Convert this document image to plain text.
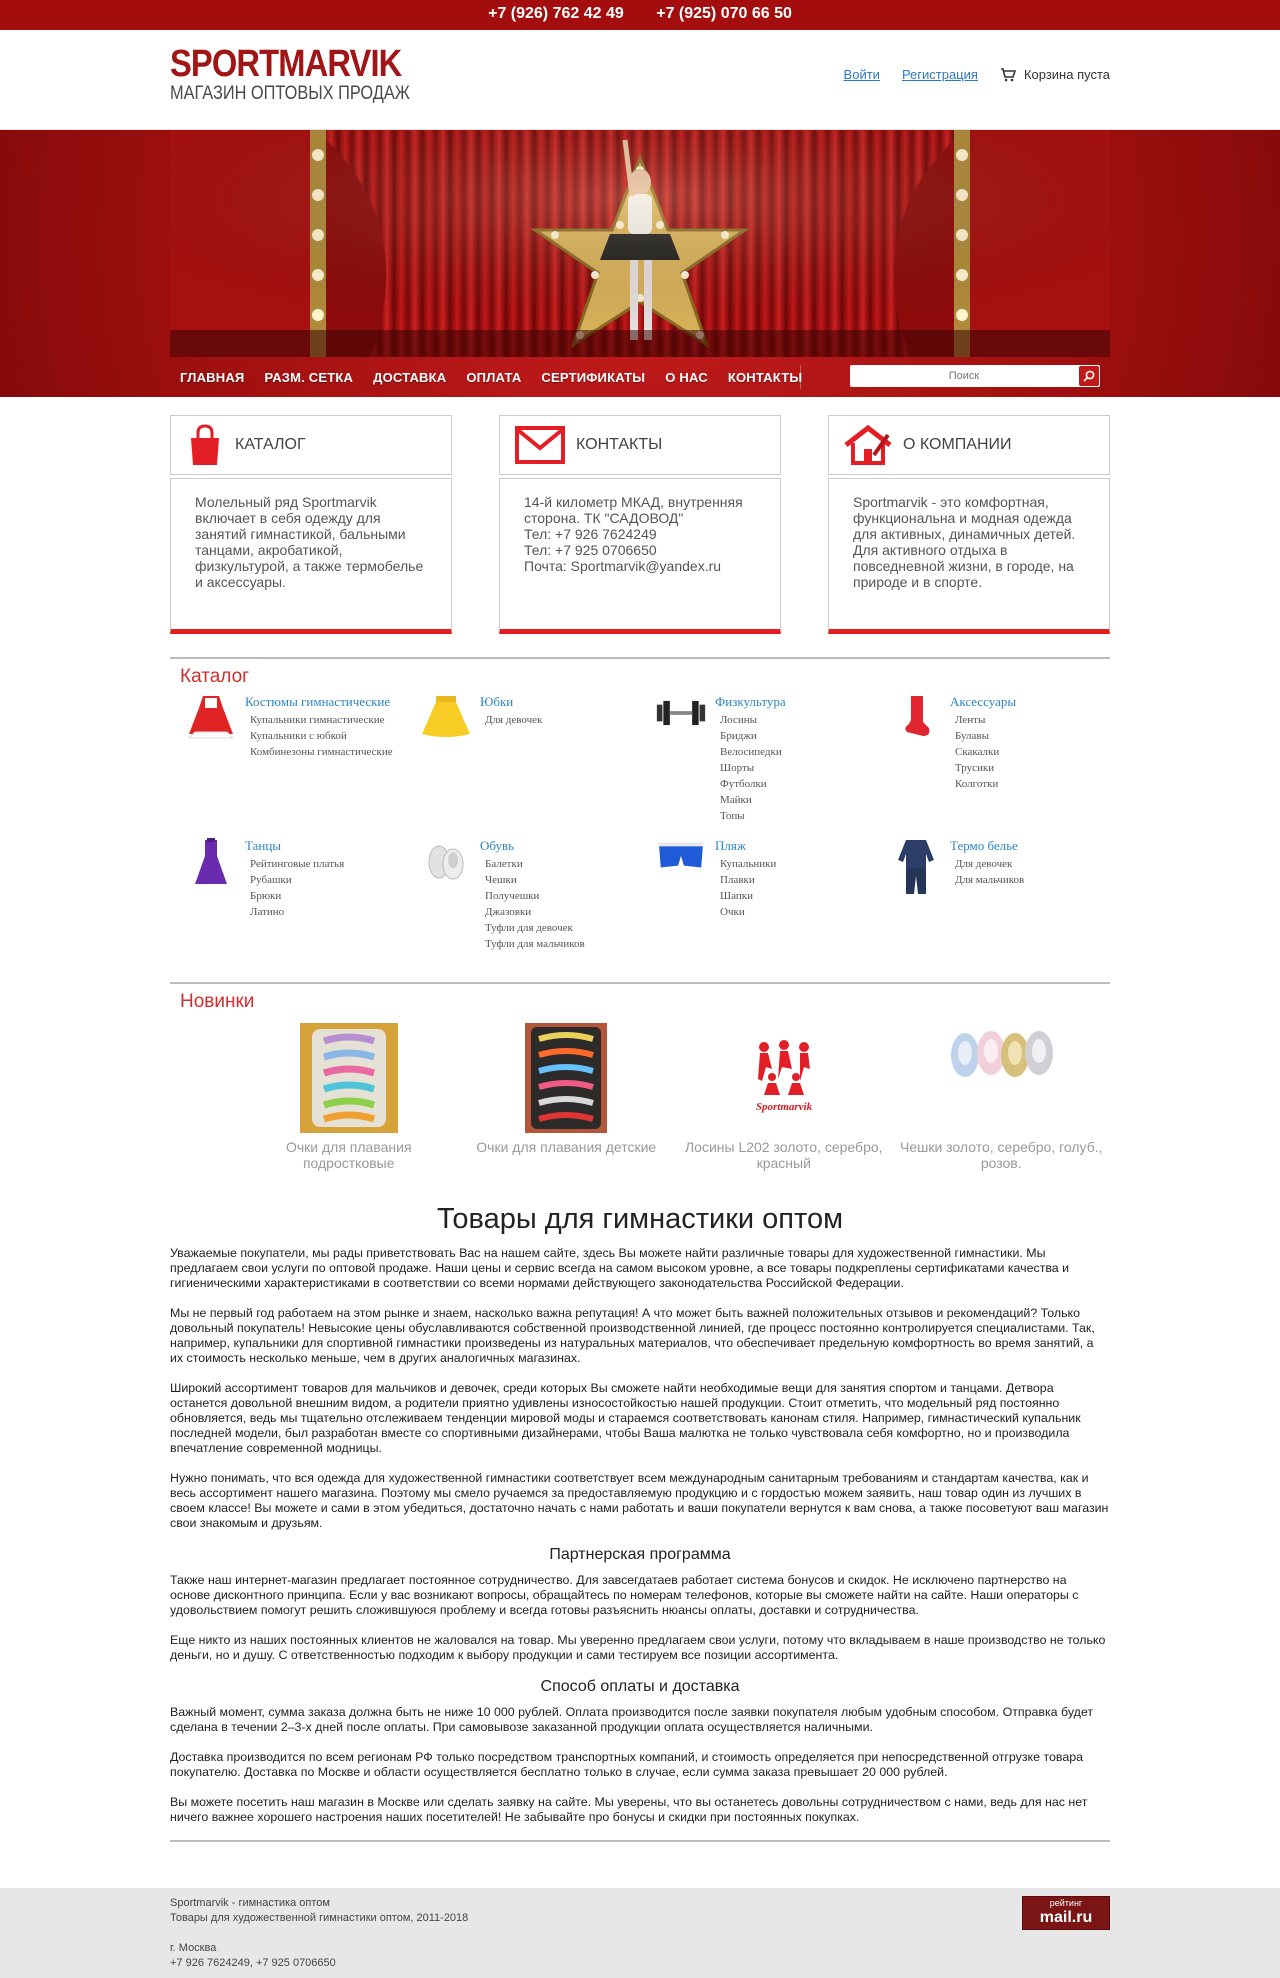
+7 (926) 762 42 49 +7 (925) 070 66 50
SPORTMARVIK
МАГАЗИН ОПТОВЫХ ПРОДАЖ
Войти Регистрация	Корзина пуста
ГЛАВНАЯ РАЗМ. СЕТКА ДОСТАВКА ОПЛАТА СЕРТИФИКАТЫ О НАС КОНТАКТЫ
Поиск
КАТАЛОГ
Молельный ряд Sportmarvik включает в себя одежду для занятий гимнастикой, бальными танцами, акробатикой, физкультурой, а также термобелье и аксессуары.
КОНТАКТЫ
14-й километр МКАД, внутренняя сторона. ТК "САДОВОД"
Тел: +7 926 7624249
Тел: +7 925 0706650
Почта: Sportmarvik@yandex.ru
О КОМПАНИИ
Sportmarvik - это комфортная, функциональна и модная одежда для активных, динамичных детей. Для активного отдыха в повседневной жизни, в городе, на природе и в спорте.
Каталог
Костюмы гимнастические
Купальники гимнастические
Купальники с юбкой
Комбинезоны гимнастические
Юбки
Для девочек
Физкультура
Лосины
Бриджи
Велосипедки
Шорты
Футболки
Майки
Топы
Аксессуары
Ленты
Булавы
Скакалки
Трусики
Колготки
Танцы
Рейтинговые платья
Рубашки
Брюки
Латино
Обувь
Балетки
Чешки
Получешки
Джазовки
Туфли для девочек
Туфли для мальчиков
Пляж
Купальники
Плавки
Шапки
Очки
Термо белье
Для девочек
Для мальчиков
Новинки
Очки для плавания подростковые
Очки для плавания детские
Sportmarvik
Лосины L202 золото, серебро, красный
Чешки золото, серебро, голуб., розов.
Товары для гимнастики оптом

Уважаемые покупатели, мы рады приветствовать Вас на нашем сайте, здесь Вы можете найти различные товары для художественной гимнастики. Мы предлагаем свои услуги по оптовой продаже. Наши цены и сервис всегда на самом высоком уровне, а все товары подкреплены сертификатами качества и гигиеническими характеристиками в соответствии со всеми нормами действующего законодательства Российской Федерации.

Мы не первый год работаем на этом рынке и знаем, насколько важна репутация! А что может быть важней положительных отзывов и рекомендаций? Только довольный покупатель! Невысокие цены обуславливаются собственной производственной линией, где процесс постоянно контролируется специалистами. Так, например, купальники для спортивной гимнастики произведены из натуральных материалов, что обеспечивает предельную комфортность во время занятий, а их стоимость несколько меньше, чем в других аналогичных магазинах.

Широкий ассортимент товаров для мальчиков и девочек, среди которых Вы сможете найти необходимые вещи для занятия спортом и танцами. Детвора останется довольной внешним видом, а родители приятно удивлены износостойкостью нашей продукции. Стоит отметить, что модельный ряд постоянно обновляется, ведь мы тщательно отслеживаем тенденции мировой моды и стараемся соответствовать канонам стиля. Например, гимнастический купальник последней модели, был разработан вместе со спортивными дизайнерами, чтобы Ваша малютка не только чувствовала себя комфортно, но и производила впечатление современной модницы.

Нужно понимать, что вся одежда для художественной гимнастики соответствует всем международным санитарным требованиям и стандартам качества, как и весь ассортимент нашего магазина. Поэтому мы смело ручаемся за предоставляемую продукцию и с гордостью можем заявить, наш товар один из лучших в своем классе! Вы можете и сами в этом убедиться, достаточно начать с нами работать и ваши покупатели вернутся к вам снова, а также посоветуют ваш магазин свои знакомым и друзьям.

Партнерская программа

Также наш интернет-магазин предлагает постоянное сотрудничество. Для завсегдатаев работает система бонусов и скидок. Не исключено партнерство на основе дисконтного принципа. Если у вас возникают вопросы, обращайтесь по номерам телефонов, которые вы сможете найти на сайте. Наши операторы с удовольствием помогут решить сложившуюся проблему и всегда готовы разъяснить нюансы оплаты, доставки и сотрудничества.

Еще никто из наших постоянных клиентов не жаловался на товар. Мы уверенно предлагаем свои услуги, потому что вкладываем в наше производство не только деньги, но и душу. С ответственностью подходим к выбору продукции и сами тестируем все позиции ассортимента.

Способ оплаты и доставка

Важный момент, сумма заказа должна быть не ниже 10 000 рублей. Оплата производится после заявки покупателя любым удобным способом. Отправка будет сделана в течении 2–3-х дней после оплаты. При самовывозе заказанной продукции оплата осуществляется наличными.

Доставка производится по всем регионам РФ только посредством транспортных компаний, и стоимость определяется при непосредственной отгрузке товара покупателю. Доставка по Москве и области осуществляется бесплатно только в случае, если сумма заказа превышает 20 000 рублей.

Вы можете посетить наш магазин в Москве или сделать заявку на сайте. Мы уверены, что вы останетесь довольны сотрудничеством с нами, ведь для нас нет ничего важнее хорошего настроения наших посетителей! Не забывайте про бонусы и скидки при постоянных покупках.

Sportmarvik - гимнастика оптом
Товары для художественной гимнастики оптом, 2011-2018
г. Москва
+7 926 7624249, +7 925 0706650
рейтинг
mail.ru
